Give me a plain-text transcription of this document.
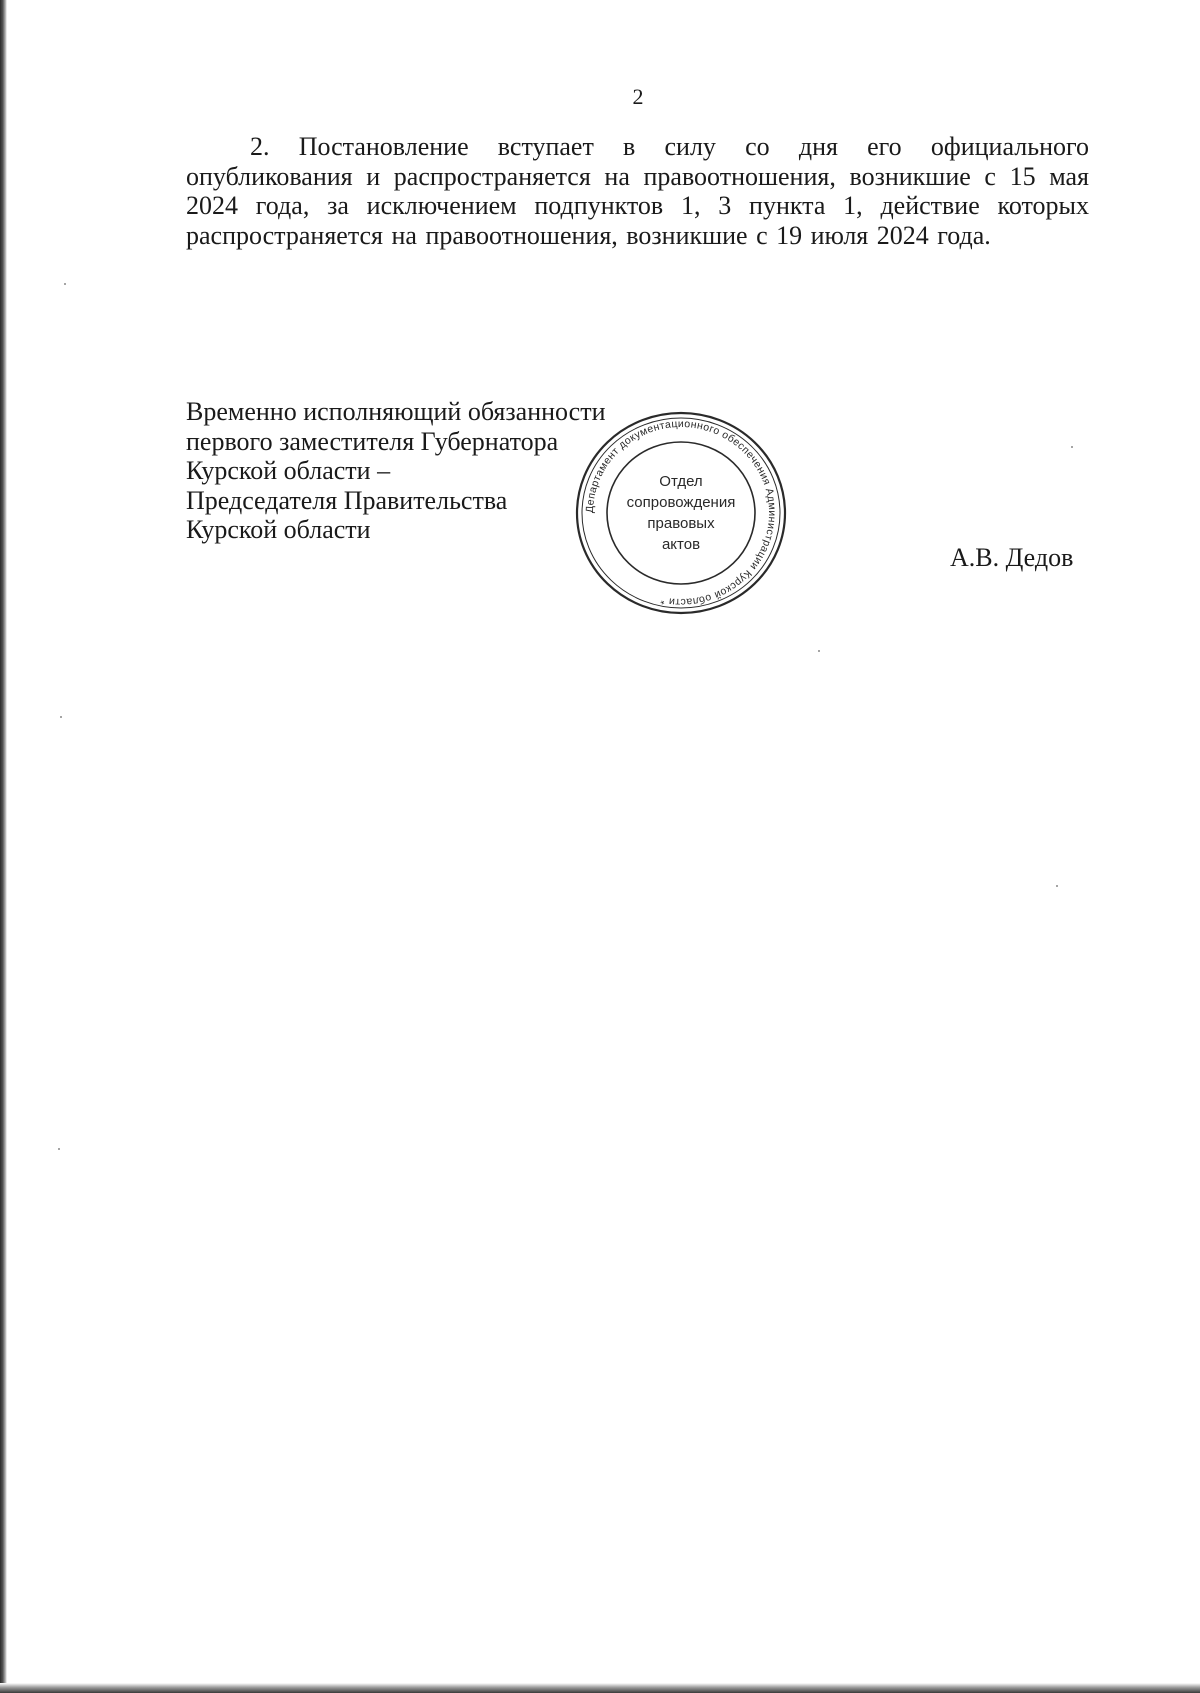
2

2. Постановление вступает в силу со дня его официального опубликования и распространяется на правоотношения, возникшие с 15 мая 2024 года, за исключением подпунктов 1, 3 пункта 1, действие которых распространяется на правоотношения, возникшие с 19 июля 2024 года.

Временно исполняющий обязанности
первого заместителя Губернатора
Курской области –
Председателя Правительства
Курской области
А.В. Дедов
Департамент документационного обеспечения Администрации Курской области *
Отдел
сопровождения
правовых
актов
